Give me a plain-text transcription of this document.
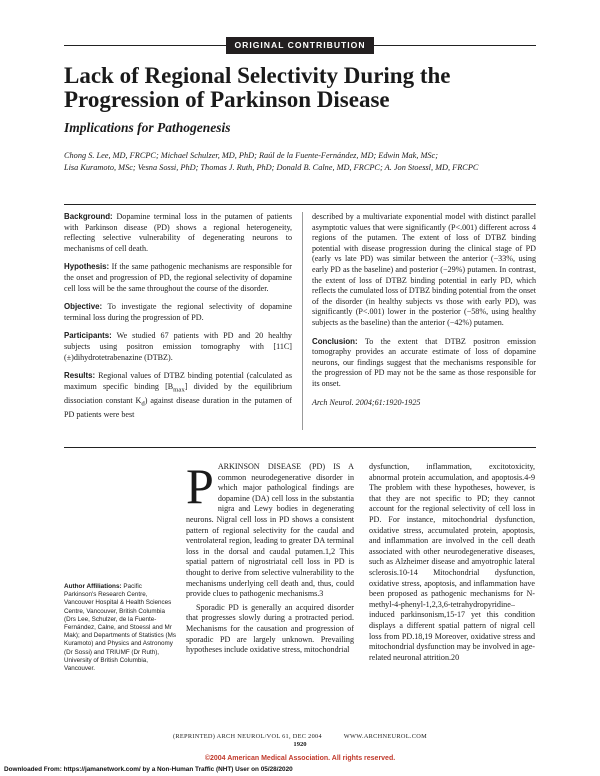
ORIGINAL CONTRIBUTION
Lack of Regional Selectivity During the Progression of Parkinson Disease
Implications for Pathogenesis
Chong S. Lee, MD, FRCPC; Michael Schulzer, MD, PhD; Raúl de la Fuente-Fernández, MD; Edwin Mak, MSc;
Lisa Kuramoto, MSc; Vesna Sossi, PhD; Thomas J. Ruth, PhD; Donald B. Calne, MD, FRCPC; A. Jon Stoessl, MD, FRCPC

Background: Dopamine terminal loss in the putamen of patients with Parkinson disease (PD) shows a regional heterogeneity, reflecting selective vulnerability of degenerating neurons to mechanisms of cell death.

Hypothesis: If the same pathogenic mechanisms are responsible for the onset and progression of PD, the regional selectivity of dopamine cell loss will be the same throughout the course of the disorder.

Objective: To investigate the regional selectivity of dopamine terminal loss during the progression of PD.

Participants: We studied 67 patients with PD and 20 healthy subjects using positron emission tomography with [11C](±)dihydrotetrabenazine (DTBZ).

Results: Regional values of DTBZ binding potential (calculated as maximum specific binding $[B_{max}]$ divided by the equilibrium dissociation constant $K_d$) against disease duration in the putamen of PD patients were best

described by a multivariate exponential model with distinct parallel asymptotic values that were significantly (P<.001) different across 4 regions of the putamen. The extent of loss of DTBZ binding potential with disease progression during the clinical stage of PD (early vs late PD) was similar between the anterior (−33%, using early PD as the baseline) and posterior (−29%) putamen. In contrast, the extent of loss of DTBZ binding potential in early PD, which reflects the cumulated loss of DTBZ binding potential from the onset of the disorder (in healthy subjects vs those with early PD), was significantly (P<.001) lower in the posterior (−58%, using healthy subjects as the baseline) than the anterior (−42%) putamen.

Conclusion: To the extent that DTBZ positron emission tomography provides an accurate estimate of loss of dopamine neurons, our findings suggest that the mechanisms responsible for the progression of PD may not be the same as those responsible for its onset.

Arch Neurol. 2004;61:1920-1925

Author Affiliations: Pacific Parkinson's Research Centre, Vancouver Hospital & Health Sciences Centre, Vancouver, British Columbia (Drs Lee, Schulzer, de la Fuente-Fernández, Calne, and Stoessl and Mr Mak); and Departments of Statistics (Ms Kuramoto) and Physics and Astronomy (Dr Sossi) and TRIUMF (Dr Ruth), University of British Columbia, Vancouver.

PARKINSON DISEASE (PD) IS A common neurodegenerative disorder in which major pathological findings are dopamine (DA) cell loss in the substantia nigra and Lewy bodies in degenerating neurons. Nigral cell loss in PD shows a consistent pattern of regional selectivity for the caudal and ventrolateral region, leading to greater DA terminal loss in the dorsal and caudal putamen.1,2 This spatial pattern of nigrostriatal cell loss in PD is thought to derive from selective vulnerability to the mechanisms underlying cell death and, thus, could provide clues to pathogenic mechanisms.3

Sporadic PD is generally an acquired disorder that progresses slowly during a protracted period. Mechanisms for the causation and progression of sporadic PD are largely unknown. Prevailing hypotheses include oxidative stress, mitochondrial

dysfunction, inflammation, excitotoxicity, abnormal protein accumulation, and apoptosis.4-9 The problem with these hypotheses, however, is that they are not specific to PD; they cannot account for the regional selectivity of cell loss in PD. For instance, mitochondrial dysfunction, oxidative stress, accumulated protein, apoptosis, and inflammation are involved in the cell death associated with other neurodegenerative diseases, such as Alzheimer disease and amyotrophic lateral sclerosis.10-14 Mitochondrial dysfunction, oxidative stress, apoptosis, and inflammation have been proposed as pathogenic mechanisms for N-methyl-4-phenyl-1,2,3,6-tetrahydropyridine–induced parkinsonism,15-17 yet this condition displays a different spatial pattern of nigral cell loss from PD.18,19 Moreover, oxidative stress and mitochondrial dysfunction may be involved in age-related neuronal attrition.20

(REPRINTED) ARCH NEUROL/VOL 61, DEC 2004	WWW.ARCHNEUROL.COM
1920
©2004 American Medical Association. All rights reserved.
Downloaded From: https://jamanetwork.com/ by a Non-Human Traffic (NHT) User on 05/28/2020
